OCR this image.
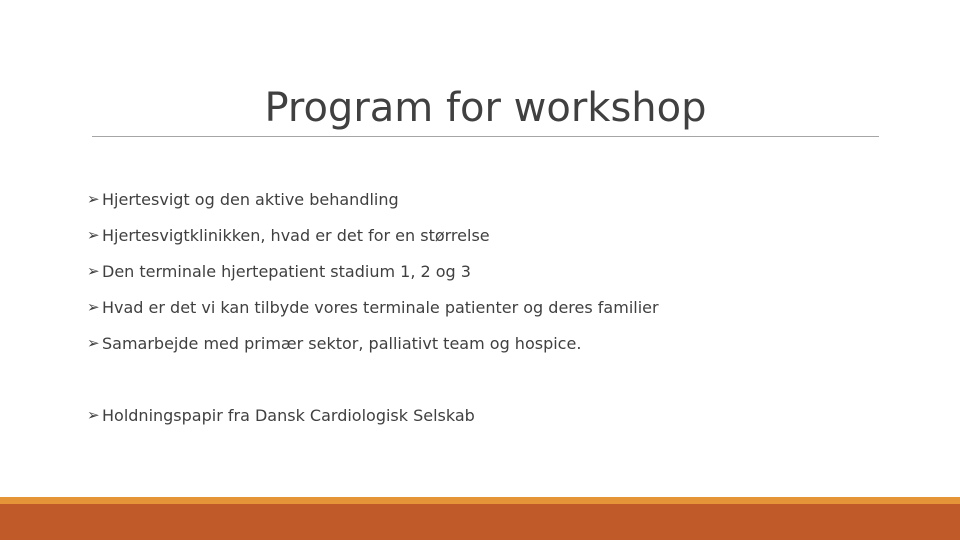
Program for workshop
➢ Hjertesvigt og den aktive behandling
➢ Hjertesvigtklinikken, hvad er det for en størrelse
➢ Den terminale hjertepatient stadium 1, 2 og 3
➢ Hvad er det vi kan tilbyde vores terminale patienter og deres familier
➢ Samarbejde med primær sektor, palliativt team og hospice.
➢ Holdningspapir fra Dansk Cardiologisk Selskab
